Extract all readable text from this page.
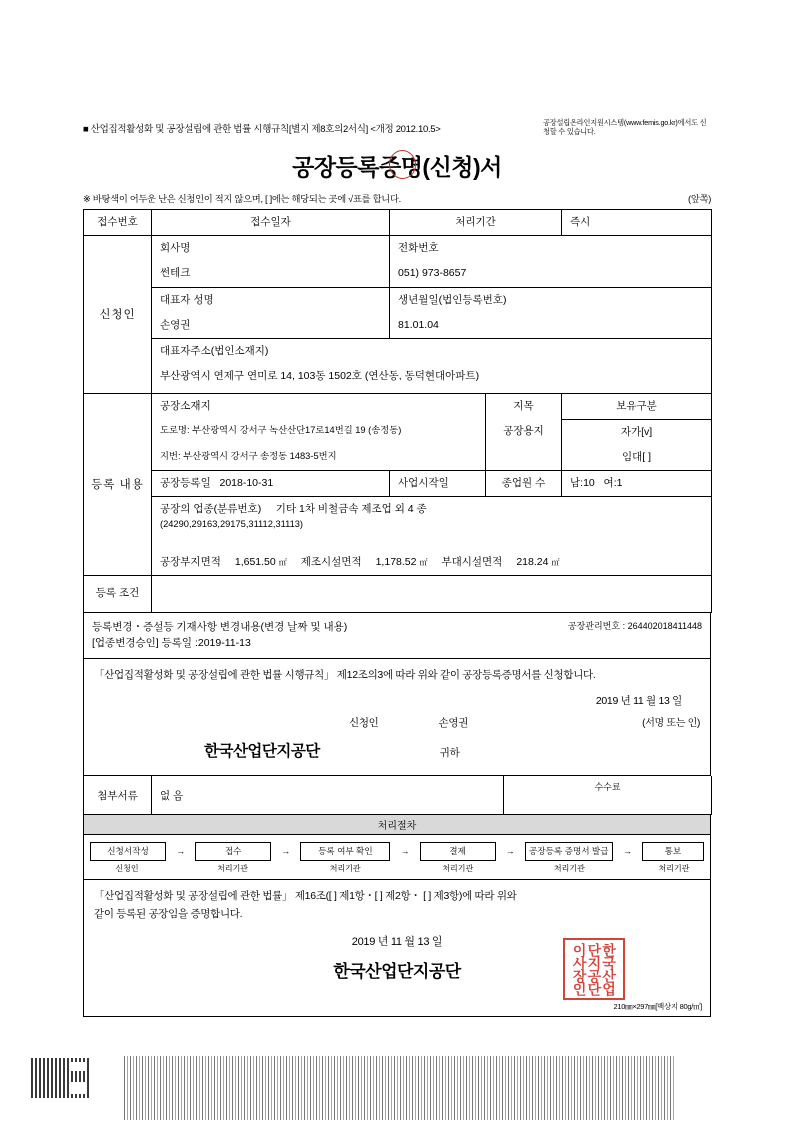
■ 산업집적활성화 및 공장설립에 관한 법률 시행규칙[별지 제8호의2서식] <개정 2012.10.5>
공장설립온라인지원시스템(www.femis.go.kr)에서도 신청할 수 있습니다.
공장등록증명(신청)서
※ 바탕색이 어두운 난은 신청인이 적지 않으며, [ ]에는 해당되는 곳에 √표를 합니다.	(앞쪽)
접수번호	접수일자	처리기간		즉시

신청인	회사명	전화번호		

	썬테크	051) 973-8657		

	대표자 성명	생년월일(법인등록번호)		

	손영권	81.01.04		

	대표자주소(법인소재지)			

	부산광역시 연제구 연미로 14, 103동 1502호 (연산동, 동덕현대아파트)			

등록 내용	공장소재지		지목	보유구분

	도로명: 부산광역시 강서구 녹산산단17로14번길 19 (송정동)		공장용지	자가[v]

	지번: 부산광역시 강서구 송정동 1483-5번지			임대[ ]

	공장등록일 2018-10-31	사업시작일	종업원 수	남:10 여:1

	공장의 업종(분류번호) 기타 1차 비철금속 제조업 외 4 종
(24290,29163,29175,31112,31113)			

공장부지면적 1,651.50 ㎡ 제조시설면적 1,178.52 ㎡ 부대시설면적 218.24 ㎡

등록 조건				

공장관리번호 : 264402018411448
등록변경・증설등 기재사항 변경내용(변경 날짜 및 내용)
[업종변경승인] 등록일 :2019-11-13
「산업집적활성화 및 공장설립에 관한 법률 시행규칙」 제12조의3에 따라 위와 같이 공장등록증명서를 신청합니다.
2019 년 11 월 13 일
신청인	손영권	(서명 또는 인)
한국산업단지공단	귀하
첨부서류	없 음	수수료
처리절차
신청서작성	→	접수	→	등록 여부 확인	→	결제	→	공장등록 증명서 발급	→	통보
신청인	처리기관	처리기관	처리기관	처리기관	처리기관
「산업집적활성화 및 공장설립에 관한 법률」 제16조([ ] 제1항・[ ] 제2항・ [ ] 제3항)에 따라 위와
같이 등록된 공장임을 증명합니다.
2019 년 11 월 13 일
한국산업단지공단	한국산업단지공단이사장인
210㎜×297㎜[백상지 80g/㎡]
